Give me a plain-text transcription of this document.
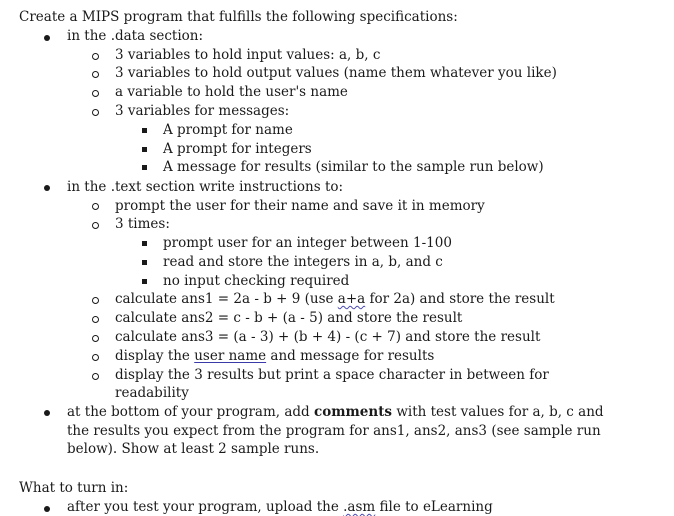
Create a MIPS program that fulfills the following specifications:
in the .data section:
3 variables to hold input values: a, b, c
3 variables to hold output values (name them whatever you like)
a variable to hold the user's name
3 variables for messages:
A prompt for name
A prompt for integers
A message for results (similar to the sample run below)
in the .text section write instructions to:
prompt the user for their name and save it in memory
3 times:
prompt user for an integer between 1-100
read and store the integers in a, b, and c
no input checking required
calculate ans1 = 2a - b + 9 (use a+a for 2a) and store the result
calculate ans2 = c - b + (a - 5) and store the result
calculate ans3 = (a - 3) + (b + 4) - (c + 7) and store the result
display the user name and message for results
display the 3 results but print a space character in between for
readability
at the bottom of your program, add comments with test values for a, b, c and
the results you expect from the program for ans1, ans2, ans3 (see sample run
below). Show at least 2 sample runs.
What to turn in:
after you test your program, upload the .asm file to eLearning
